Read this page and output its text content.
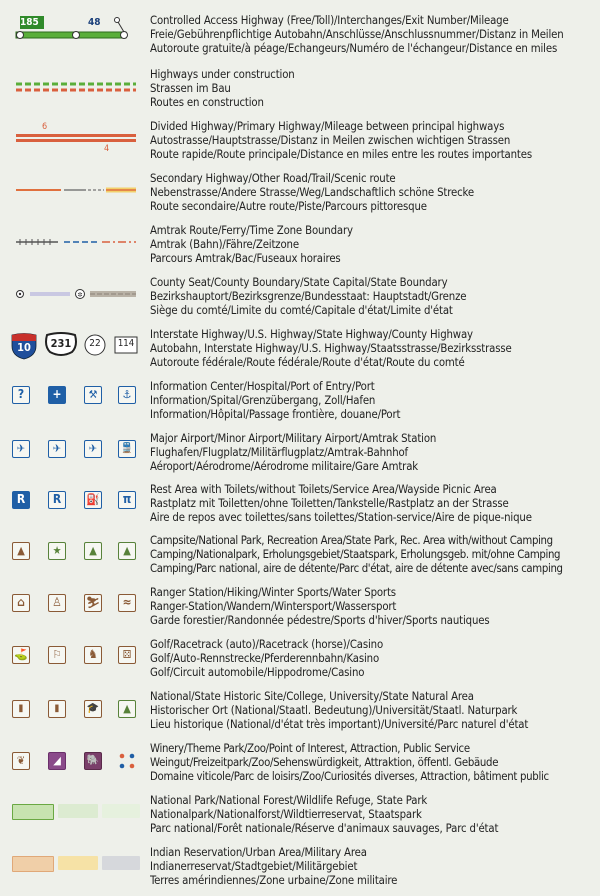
185	48	Controlled Access Highway (Free/Toll)/Interchanges/Exit Number/Mileage
Freie/Gebührenpflichtige Autobahn/Anschlüsse/Anschlussnummer/Distanz in Meilen
Autoroute gratuite/à péage/Echangeurs/Numéro de l'échangeur/Distance en miles
Highways under construction
Strassen im Bau
Routes en construction
6
4
Divided Highway/Primary Highway/Mileage between principal highways
Autostrasse/Hauptstrasse/Distanz in Meilen zwischen wichtigen Strassen
Route rapide/Route principale/Distance en miles entre les routes importantes
Secondary Highway/Other Road/Trail/Scenic route
Nebenstrasse/Andere Strasse/Weg/Landschaftlich schöne Strecke
Route secondaire/Autre route/Piste/Parcours pittoresque
Amtrak Route/Ferry/Time Zone Boundary
Amtrak (Bahn)/Fähre/Zeitzone
Parcours Amtrak/Bac/Fuseaux horaires
✲
County Seat/County Boundary/State Capital/State Boundary
Bezirkshauptort/Bezirksgrenze/Bundesstaat: Hauptstadt/Grenze
Siège du comté/Limite du comté/Capitale d'état/Limite d'état
10	231	22	114
Interstate Highway/U.S. Highway/State Highway/County Highway
Autobahn, Interstate Highway/U.S. Highway/Staatsstrasse/Bezirksstrasse
Autoroute fédérale/Route fédérale/Route d'état/Route du comté
?	+	⚒	⚓
Information Center/Hospital/Port of Entry/Port
Information/Spital/Grenzübergang, Zoll/Hafen
Information/Hôpital/Passage frontière, douane/Port
✈	✈	✈	🚆
Major Airport/Minor Airport/Military Airport/Amtrak Station
Flughafen/Flugplatz/Militärflugplatz/Amtrak-Bahnhof
Aéroport/Aérodrome/Aérodrome militaire/Gare Amtrak
R	R	⛽	π
Rest Area with Toilets/without Toilets/Service Area/Wayside Picnic Area
Rastplatz mit Toiletten/ohne Toiletten/Tankstelle/Rastplatz an der Strasse
Aire de repos avec toilettes/sans toilettes/Station-service/Aire de pique-nique
▲	★	▲	▲
Campsite/National Park, Recreation Area/State Park, Rec. Area with/without Camping
Camping/Nationalpark, Erholungsgebiet/Staatspark, Erholungsgeb. mit/ohne Camping
Camping/Parc national, aire de détente/Parc d'état, aire de détente avec/sans camping
⌂	♙	⛷	≈
Ranger Station/Hiking/Winter Sports/Water Sports
Ranger-Station/Wandern/Wintersport/Wassersport
Garde forestier/Randonnée pédestre/Sports d'hiver/Sports nautiques
⛳	⚐	♞	⚄
Golf/Racetrack (auto)/Racetrack (horse)/Casino
Golf/Auto-Rennstrecke/Pferderennbahn/Kasino
Golf/Circuit automobile/Hippodrome/Casino
▮	▮	🎓	▲
National/State Historic Site/College, University/State Natural Area
Historischer Ort (National/Staatl. Bedeutung)/Universität/Staatl. Naturpark
Lieu historique (National/d'état très important)/Université/Parc naturel d'état
❦	◢	🐘
Winery/Theme Park/Zoo/Point of Interest, Attraction, Public Service
Weingut/Freizeitpark/Zoo/Sehenswürdigkeit, Attraktion, öffentl. Gebäude
Domaine viticole/Parc de loisirs/Zoo/Curiosités diverses, Attraction, bâtiment public
National Park/National Forest/Wildlife Refuge, State Park
Nationalpark/Nationalforst/Wildtierreservat, Staatspark
Parc national/Forêt nationale/Réserve d'animaux sauvages, Parc d'état
Indian Reservation/Urban Area/Military Area
Indianerreservat/Stadtgebiet/Militärgebiet
Terres amérindiennes/Zone urbaine/Zone militaire
